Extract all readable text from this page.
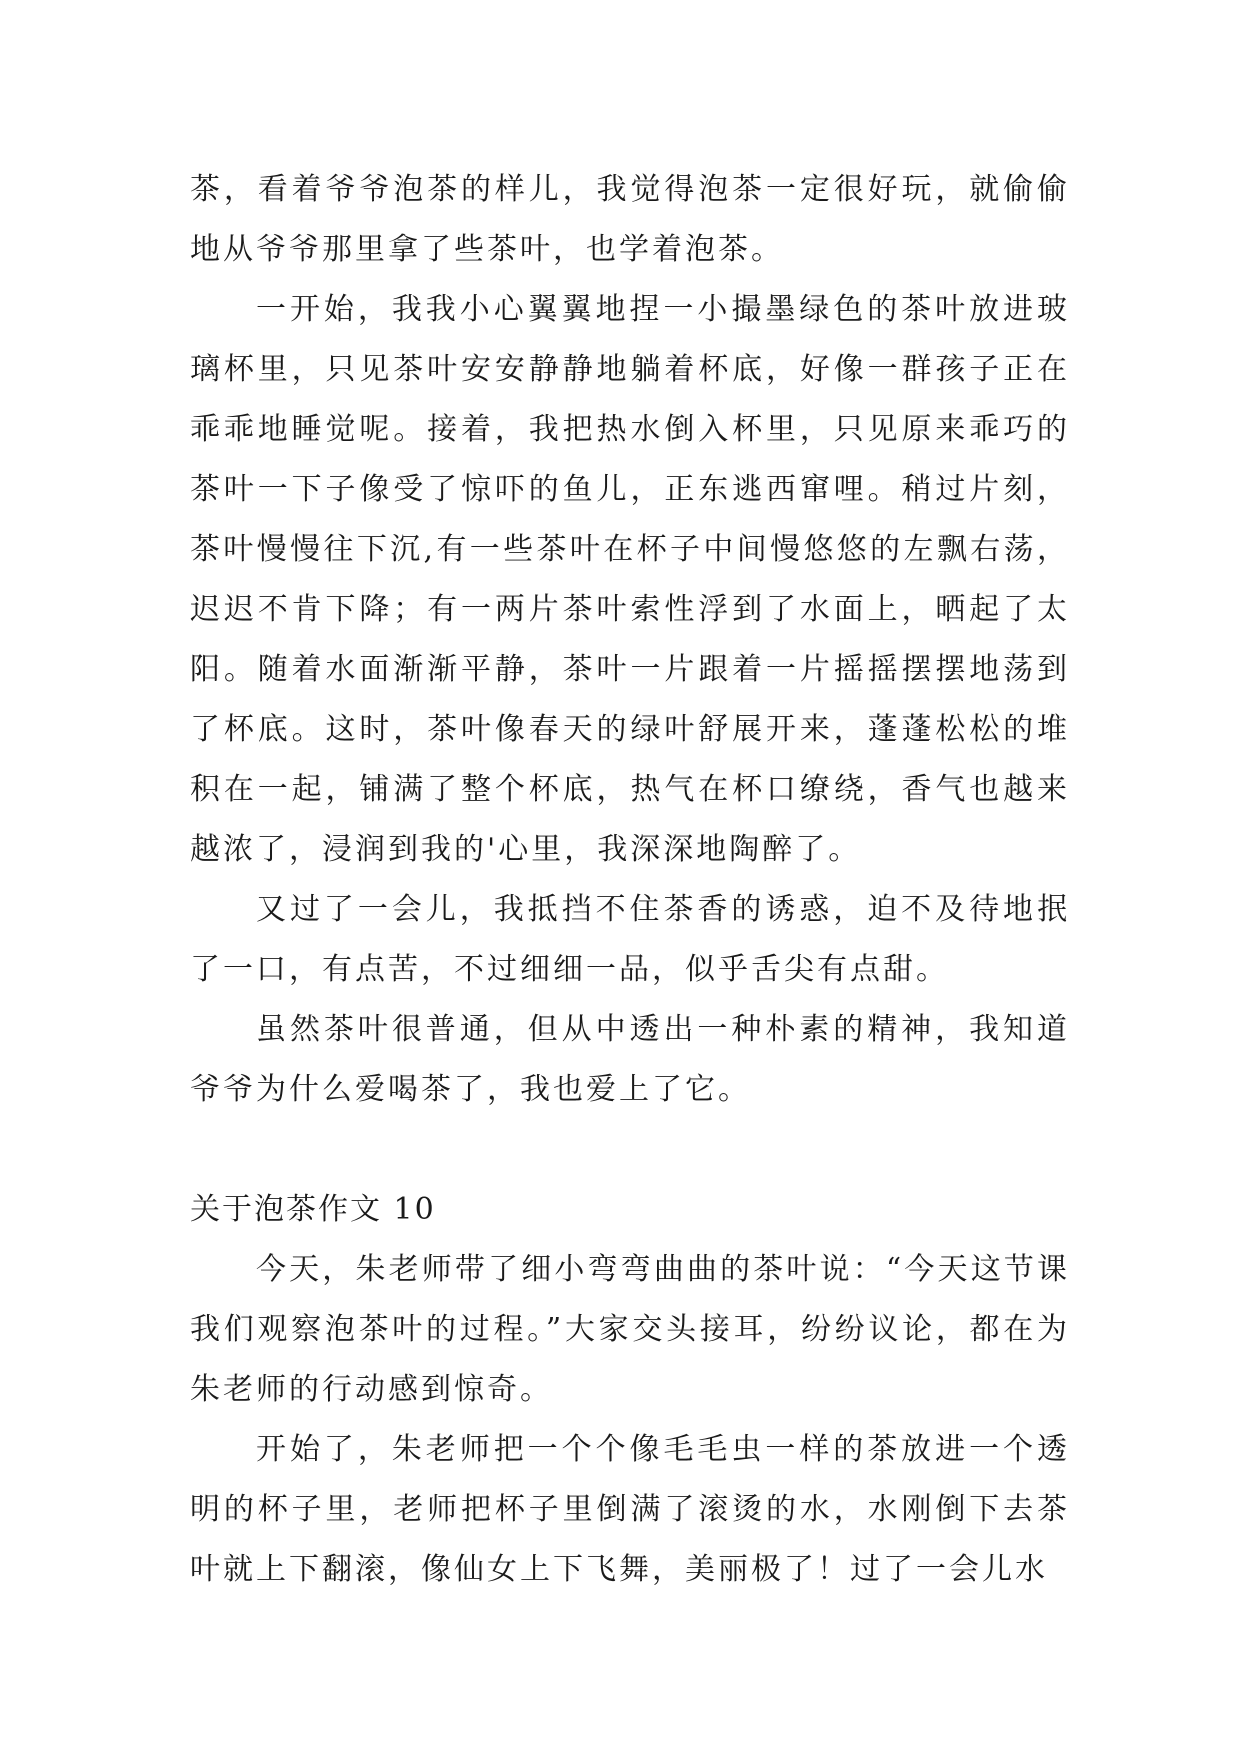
茶，看着爷爷泡茶的样儿，我觉得泡茶一定很好玩，就偷偷地从爷爷那里拿了些茶叶，也学着泡茶。

一开始，我我小心翼翼地捏一小撮墨绿色的茶叶放进玻璃杯里，只见茶叶安安静静地躺着杯底，好像一群孩子正在乖乖地睡觉呢。接着，我把热水倒入杯里，只见原来乖巧的茶叶一下子像受了惊吓的鱼儿，正东逃西窜哩。稍过片刻，茶叶慢慢往下沉,有一些茶叶在杯子中间慢悠悠的左飘右荡，迟迟不肯下降；有一两片茶叶索性浮到了水面上，晒起了太阳。随着水面渐渐平静，茶叶一片跟着一片摇摇摆摆地荡到了杯底。这时，茶叶像春天的绿叶舒展开来，蓬蓬松松的堆积在一起，铺满了整个杯底，热气在杯口缭绕，香气也越来越浓了，浸润到我的'心里，我深深地陶醉了。

又过了一会儿，我抵挡不住茶香的诱惑，迫不及待地抿了一口，有点苦，不过细细一品，似乎舌尖有点甜。

虽然茶叶很普通，但从中透出一种朴素的精神，我知道爷爷为什么爱喝茶了，我也爱上了它。

关于泡茶作文 10

今天，朱老师带了细小弯弯曲曲的茶叶说：“今天这节课我们观察泡茶叶的过程。”大家交头接耳，纷纷议论，都在为朱老师的行动感到惊奇。

开始了，朱老师把一个个像毛毛虫一样的茶放进一个透明的杯子里，老师把杯子里倒满了滚烫的水，水刚倒下去茶叶就上下翻滚，像仙女上下飞舞，美丽极了！过了一会儿水
